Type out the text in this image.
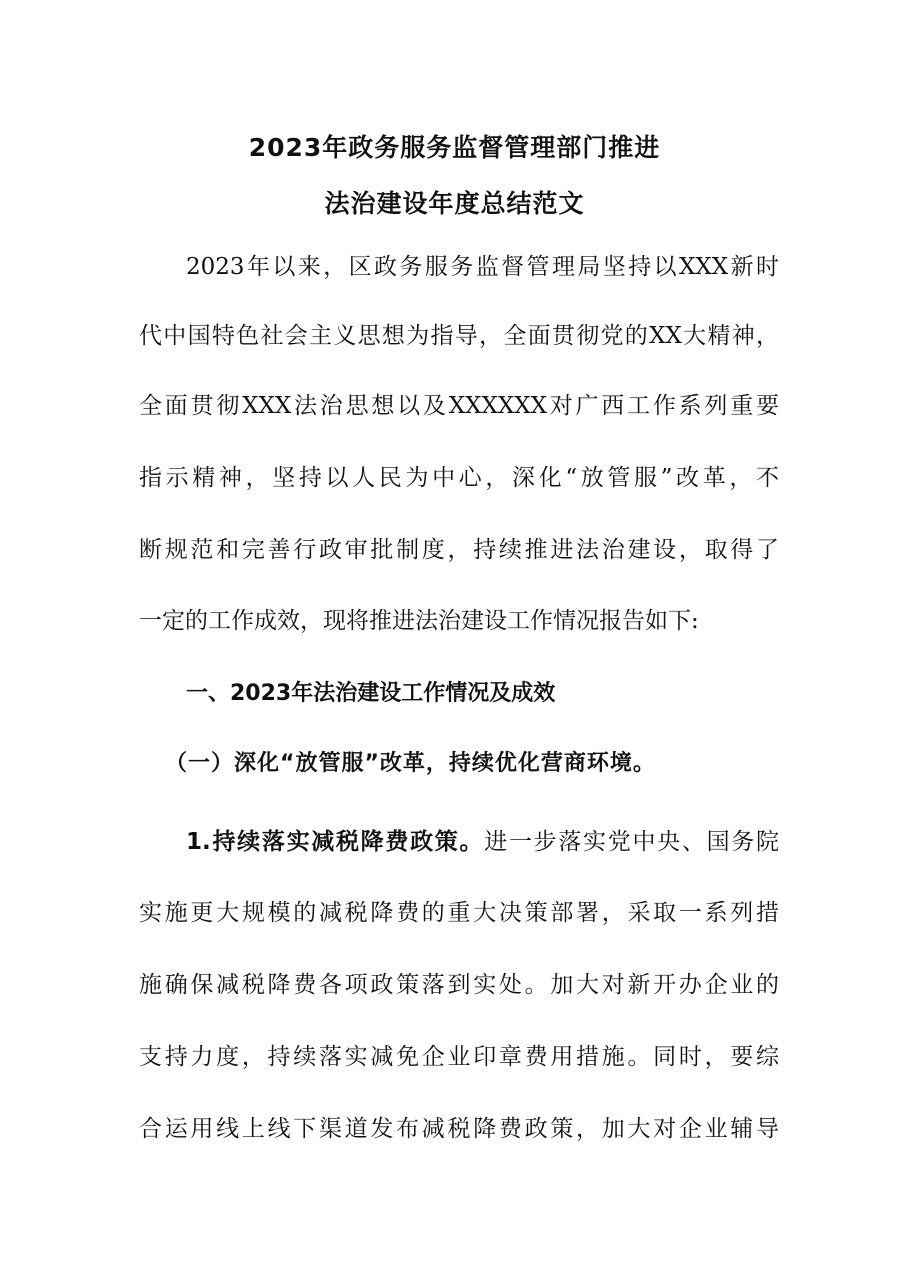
2023年政务服务监督管理部门推进
法治建设年度总结范文
2023年以来，区政务服务监督管理局坚持以XXX新时
代中国特色社会主义思想为指导，全面贯彻党的XX大精神，
全面贯彻XXX法治思想以及XXXXXX对广西工作系列重要
指示精神，坚持以人民为中心，深化“放管服”改革，不
断规范和完善行政审批制度，持续推进法治建设，取得了
一定的工作成效，现将推进法治建设工作情况报告如下:
一、2023年法治建设工作情况及成效
（一）深化“放管服”改革，持续优化营商环境。
1.持续落实减税降费政策。进一步落实党中央、国务院
实施更大规模的减税降费的重大决策部署，采取一系列措
施确保减税降费各项政策落到实处。加大对新开办企业的
支持力度，持续落实减免企业印章费用措施。同时，要综
合运用线上线下渠道发布减税降费政策，加大对企业辅导
